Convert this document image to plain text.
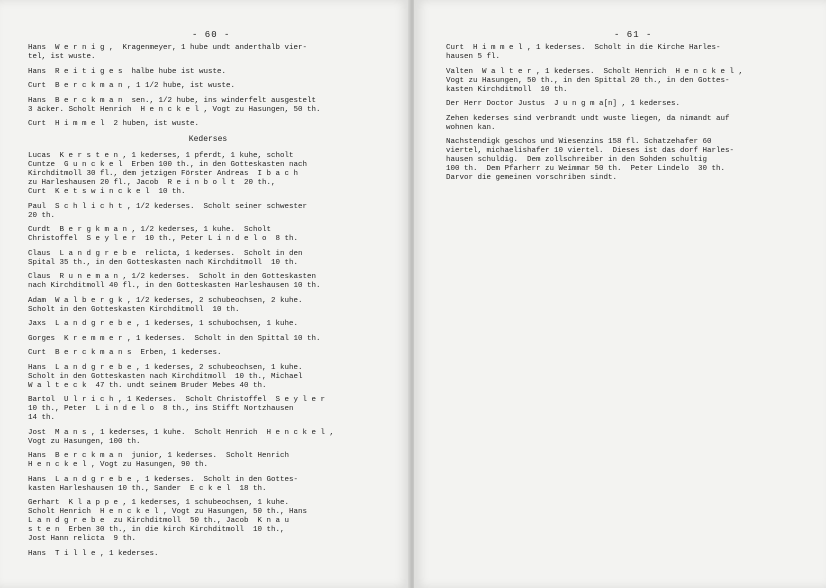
- 60 -

Hans  W e r n i g ,  Kragenmeyer, 1 hube undt anderthalb vier-
tel, ist wuste.

Hans  R e i t i g e s  halbe hube ist wuste.

Curt  B e r c k m a n , 1 1/2 hube, ist wuste.

Hans  B e r c k m a n  sen., 1/2 hube, ins winderfelt ausgestelt
3 äcker. Scholt Henrich  H e n c k e l , Vogt zu Hasungen, 50 th.

Curt  H i m m e l  2 huben, ist wuste.

Kederses

Lucas  K e r s t e n , 1 kederses, 1 pferdt, 1 kuhe, scholt
Cuntze  G u n c k e l  Erben 100 th., in den Gotteskasten nach
Kirchditmoll 30 fl., dem jetzigen Förster Andreas  I b a c h
zu Harleshausen 20 fl., Jacob  R e i n b o l t  20 th.,
Curt  K e t s w i n c k e l  10 th.

Paul  S c h l i c h t , 1/2 kederses.  Scholt seiner schwester
20 th.

Curdt  B e r g k m a n , 1/2 kederses, 1 kuhe.  Scholt
Christoffel  S e y l e r  10 th., Peter L i n d e l o  8 th.

Claus  L a n d g r e b e  relicta, 1 kederses.  Scholt in den
Spital 35 th., in den Gotteskasten nach Kirchditmoll  10 th.

Claus  R u n e m a n , 1/2 kederses.  Scholt in den Gotteskasten
nach Kirchditmoll 40 fl., in den Gotteskasten Harleshausen 10 th.

Adam  W a l b e r g k , 1/2 kederses, 2 schubeochsen, 2 kuhe.
Scholt in den Gotteskasten Kirchditmoll  10 th.

Jaxs  L a n d g r e b e , 1 kederses, 1 schubochsen, 1 kuhe.

Gorges  K r e m m e r , 1 kederses.  Scholt in den Spittal 10 th.

Curt  B e r c k m a n s  Erben, 1 kederses.

Hans  L a n d g r e b e , 1 kederses, 2 schubeochsen, 1 kuhe.
Scholt in den Gotteskasten nach Kirchditmoll  10 th., Michael
W a l t e c k  47 th. undt seinem Bruder Mebes 40 th.

Bartol  U l r i c h , 1 Kederses.  Scholt Christoffel  S e y l e r
10 th., Peter  L i n d e l o  8 th., ins Stifft Nortzhausen
14 th.

Jost  M a n s , 1 kederses, 1 kuhe.  Scholt Henrich  H e n c k e l ,
Vogt zu Hasungen, 100 th.

Hans  B e r c k m a n  junior, 1 kederses.  Scholt Henrich
H e n c k e l , Vogt zu Hasungen, 90 th.

Hans  L a n d g r e b e , 1 kederses.  Scholt in den Gottes-
kasten Harleshausen 10 th., Sander  E c k e l  18 th.

Gerhart  K l a p p e , 1 kederses, 1 schubeochsen, 1 kuhe.
Scholt Henrich  H e n c k e l , Vogt zu Hasungen, 50 th., Hans
L a n d g r e b e  zu Kirchditmoll  50 th., Jacob  K n a u
s t e n  Erben 30 th., in die kirch Kirchditmoll  10 th.,
Jost Hann relicta  9 th.

Hans  T i l l e , 1 kederses.

- 61 -

Curt  H i m m e l , 1 kederses.  Scholt in die Kirche Harles-
hausen 5 fl.

Valten  W a l t e r , 1 kederses.  Scholt Henrich  H e n c k e l ,
Vogt zu Hasungen, 50 th., in den Spittal 20 th., in den Gottes-
kasten Kirchditmoll  10 th.

Der Herr Doctor Justus  J u n g m a[n] , 1 kederses.

Zehen kederses sind verbrandt undt wuste liegen, da nimandt auf
wohnen kan.

Nachstendigk geschos und Wiesenzins 158 fl. Schatzehafer 60
viertel, michaelishafer 10 viertel.  Dieses ist das dorf Harles-
hausen schuldig.  Dem zollschreiber in den Sohden schultig
100 th.  Dem Pfarherr zu Weimmar 50 th.  Peter Lindelo  30 th.
Darvor die gemeinen vorschriben sindt.
